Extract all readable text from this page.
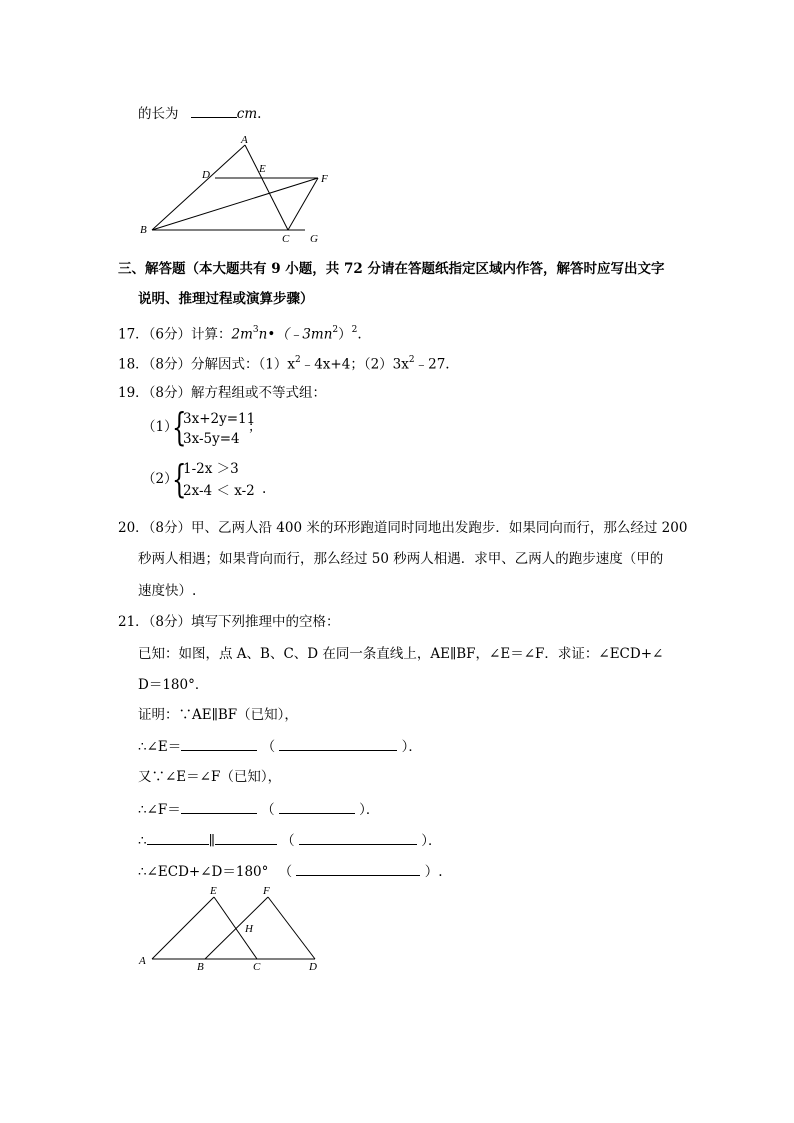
的长为	cm.
A
D	E
F
B
C G
三、解答题（本大题共有 9 小题，共 72 分请在答题纸指定区域内作答，解答时应写出文字
说明、推理过程或演算步骤）
17．（6分）计算：$2m^3n•(﹣3mn^2)^2$.
18．（8分）分解因式：$(1)x^2﹣4x+4$；$(2)3x^2﹣27$.
19．（8分）解方程组或不等式组：
（1）
{
3x+2y=11
3x-5y=4
；
（2）
{
1-2x ＞3
2x-4 ＜ x-2 .
20．（8分）甲、乙两人沿 400 米的环形跑道同时同地出发跑步．如果同向而行，那么经过 200
秒两人相遇；如果背向而行，那么经过 50 秒两人相遇．求甲、乙两人的跑步速度（甲的
速度快）.
21．（8分）填写下列推理中的空格：
已知：如图，点 A、B、C、D 在同一条直线上，AE∥BF，∠E＝∠F．求证：∠ECD+∠
D＝180°．
证明：∵AE∥BF（已知），
∴∠E＝	（	）．
又∵∠E＝∠F（已知），
∴∠F＝	（	）．
∴	∥	（	）．
∴∠ECD+∠D＝180° （	）.
E	F
H
A	B	C	D
